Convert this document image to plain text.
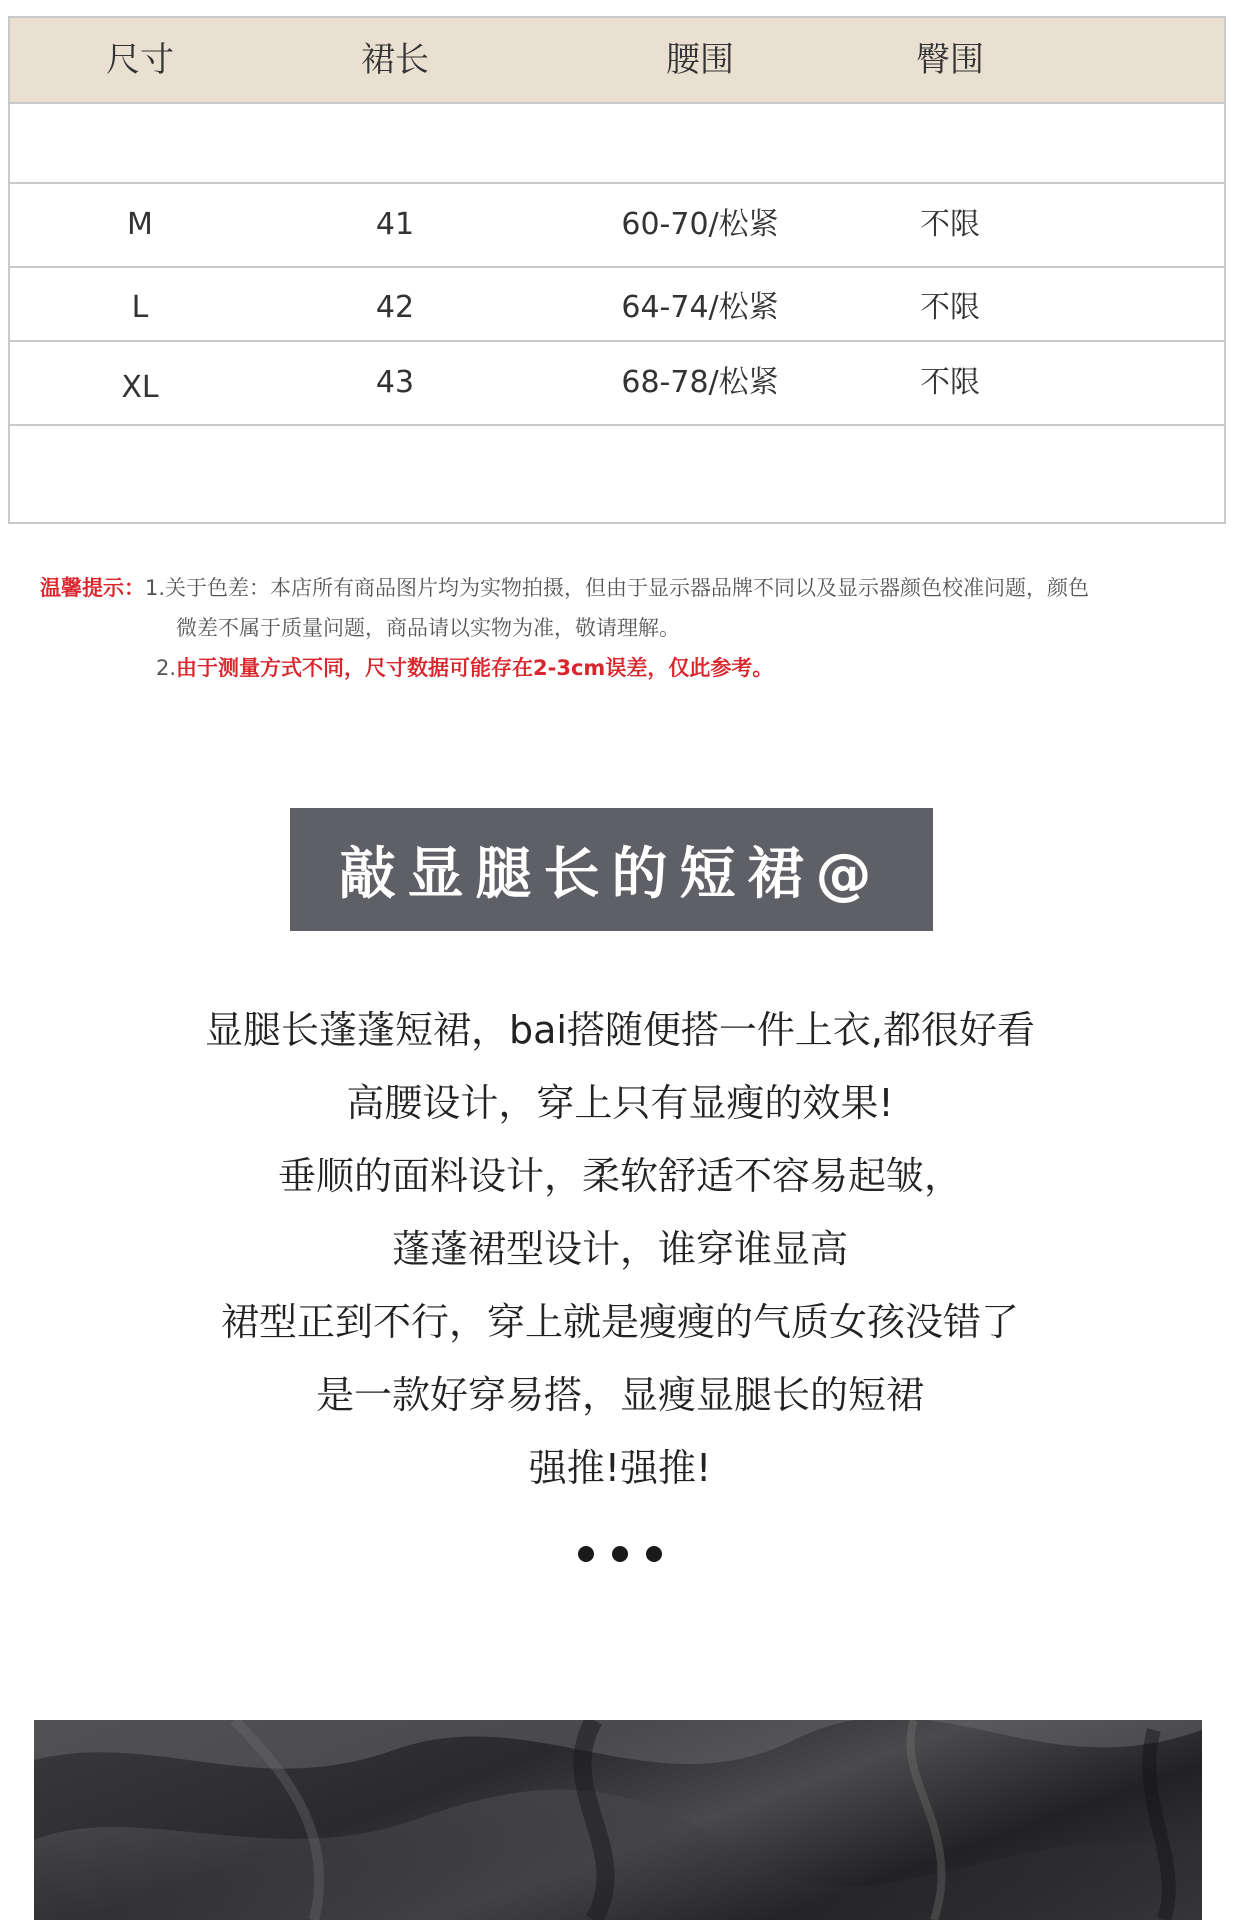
尺寸	裙长	腰围	臀围
M	41	60-70/松紧	不限
L	42	64-74/松紧	不限
XL	43	68-78/松紧	不限
温馨提示：1.关于色差：本店所有商品图片均为实物拍摄，但由于显示器品牌不同以及显示器颜色校准问题，颜色
微差不属于质量问题，商品请以实物为准，敬请理解。
2.由于测量方式不同，尺寸数据可能存在2-3cm误差，仅此参考。
敲显腿长的短裙@
显腿长蓬蓬短裙，bai搭随便搭一件上衣,都很好看
高腰设计，穿上只有显瘦的效果!
垂顺的面料设计，柔软舒适不容易起皱，
蓬蓬裙型设计，谁穿谁显高
裙型正到不行，穿上就是瘦瘦的气质女孩没错了
是一款好穿易搭，显瘦显腿长的短裙
强推!强推!
